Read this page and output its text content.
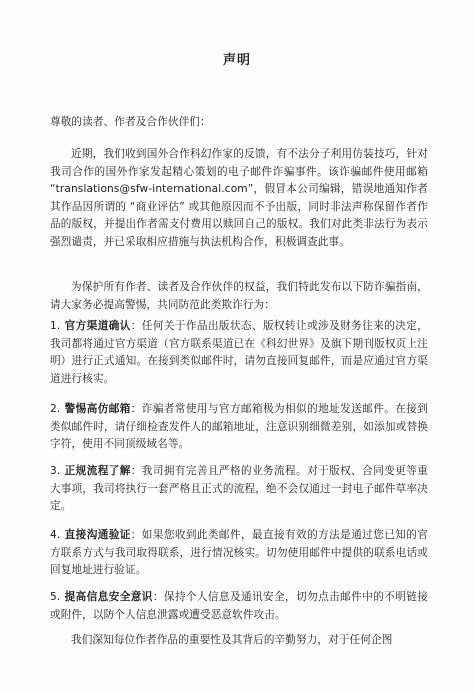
声明
尊敬的读者、作者及合作伙伴们：
近期，我们收到国外合作科幻作家的反馈，有不法分子利用仿装技巧，针对我司合作的国外作家发起精心策划的电子邮件诈骗事件。该诈骗邮件使用邮箱 “translations@sfw-international.com”，假冒本公司编辑，错误地通知作者其作品因所谓的 “商业评估” 或其他原因而不予出版，同时非法声称保留作者作品的版权，并提出作者需支付费用以赎回自己的版权。我们对此类非法行为表示强烈谴责，并已采取相应措施与执法机构合作，积极调查此事。
为保护所有作者、读者及合作伙伴的权益，我们特此发布以下防诈骗指南，请大家务必提高警惕，共同防范此类欺诈行为：
1. 官方渠道确认：任何关于作品出版状态、版权转让或涉及财务往来的决定，我司都将通过官方渠道（官方联系渠道已在《科幻世界》及旗下期刊版权页上注明）进行正式通知。在接到类似邮件时，请勿直接回复邮件，而是应通过官方渠道进行核实。
2. 警惕高仿邮箱：诈骗者常使用与官方邮箱极为相似的地址发送邮件。在接到类似邮件时，请仔细检查发件人的邮箱地址，注意识别细微差别，如添加或替换字符，使用不同顶级域名等。
3. 正规流程了解：我司拥有完善且严格的业务流程。对于版权、合同变更等重大事项，我司将执行一套严格且正式的流程，绝不会仅通过一封电子邮件草率决定。
4. 直接沟通验证：如果您收到此类邮件，最直接有效的方法是通过您已知的官方联系方式与我司取得联系，进行情况核实。切勿使用邮件中提供的联系电话或回复地址进行验证。
5. 提高信息安全意识：保持个人信息及通讯安全，切勿点击邮件中的不明链接或附件，以防个人信息泄露或遭受恶意软件攻击。
我们深知每位作者作品的重要性及其背后的辛勤努力，对于任何企图
